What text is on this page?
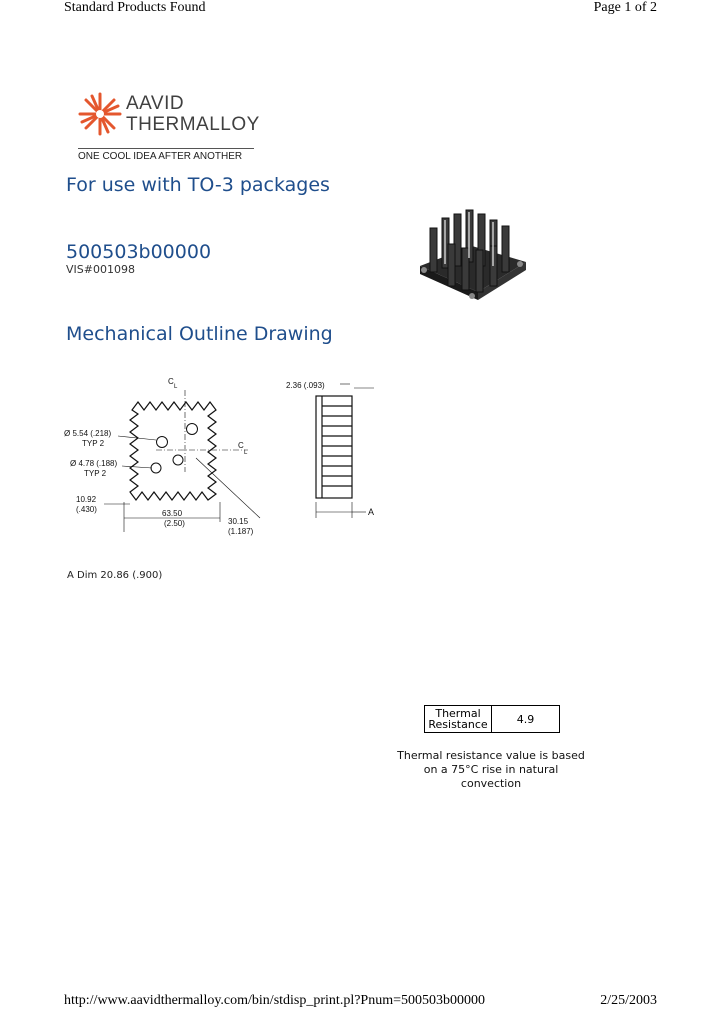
Standard Products Found	Page 1 of 2
AAVID
THERMALLOY
ONE COOL IDEA AFTER ANOTHER
For use with TO-3 packages
500503b00000
VIS#001098
Mechanical Outline Drawing
C
L
C
L
Ø 5.54 (.218)
TYP 2
Ø 4.78 (.188)
TYP 2
10.92
(.430)	63.50
(2.50)	30.15
(1.187)
2.36 (.093)
A
A Dim 20.86 (.900)
Thermal
Resistance	4.9
Thermal resistance value is based
on a 75°C rise in natural
convection
http://www.aavidthermalloy.com/bin/stdisp_print.pl?Pnum=500503b00000	2/25/2003
